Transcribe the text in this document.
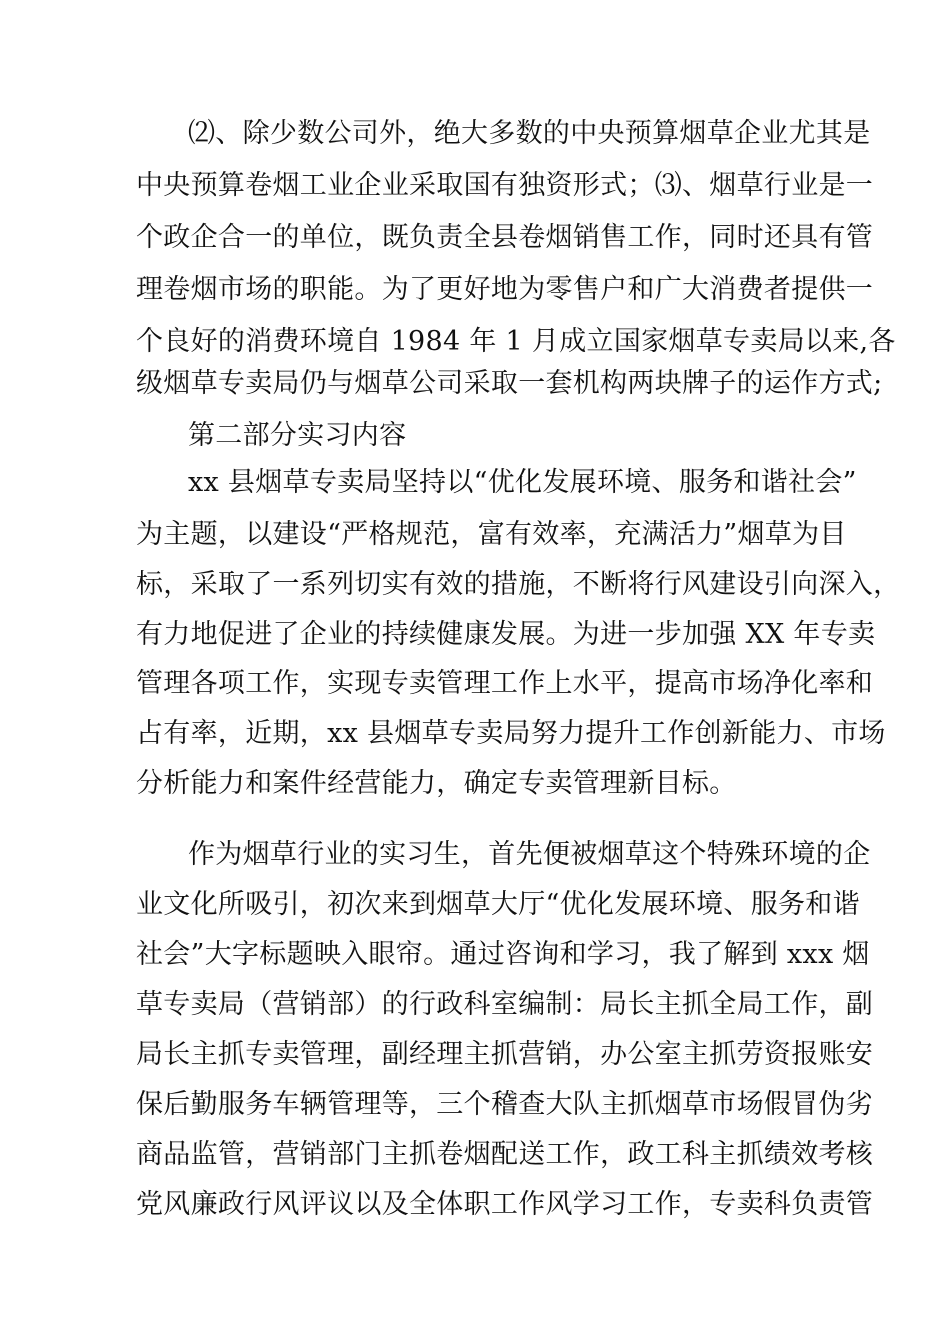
⑵、除少数公司外，绝大多数的中央预算烟草企业尤其是
中央预算卷烟工业企业采取国有独资形式；⑶、烟草行业是一
个政企合一的单位，既负责全县卷烟销售工作，同时还具有管
理卷烟市场的职能。为了更好地为零售户和广大消费者提供一
个良好的消费环境自 1984 年 1 月成立国家烟草专卖局以来,各
级烟草专卖局仍与烟草公司采取一套机构两块牌子的运作方式;
第二部分实习内容
xx 县烟草专卖局坚持以“优化发展环境、服务和谐社会”
为主题，以建设“严格规范，富有效率，充满活力”烟草为目
标，采取了一系列切实有效的措施，不断将行风建设引向深入，
有力地促进了企业的持续健康发展。为进一步加强 XX 年专卖
管理各项工作，实现专卖管理工作上水平，提高市场净化率和
占有率，近期，xx 县烟草专卖局努力提升工作创新能力、市场
分析能力和案件经营能力，确定专卖管理新目标。
作为烟草行业的实习生，首先便被烟草这个特殊环境的企
业文化所吸引，初次来到烟草大厅“优化发展环境、服务和谐
社会”大字标题映入眼帘。通过咨询和学习，我了解到 xxx 烟
草专卖局（营销部）的行政科室编制：局长主抓全局工作，副
局长主抓专卖管理，副经理主抓营销，办公室主抓劳资报账安
保后勤服务车辆管理等，三个稽查大队主抓烟草市场假冒伪劣
商品监管，营销部门主抓卷烟配送工作，政工科主抓绩效考核
党风廉政行风评议以及全体职工作风学习工作，专卖科负责管
